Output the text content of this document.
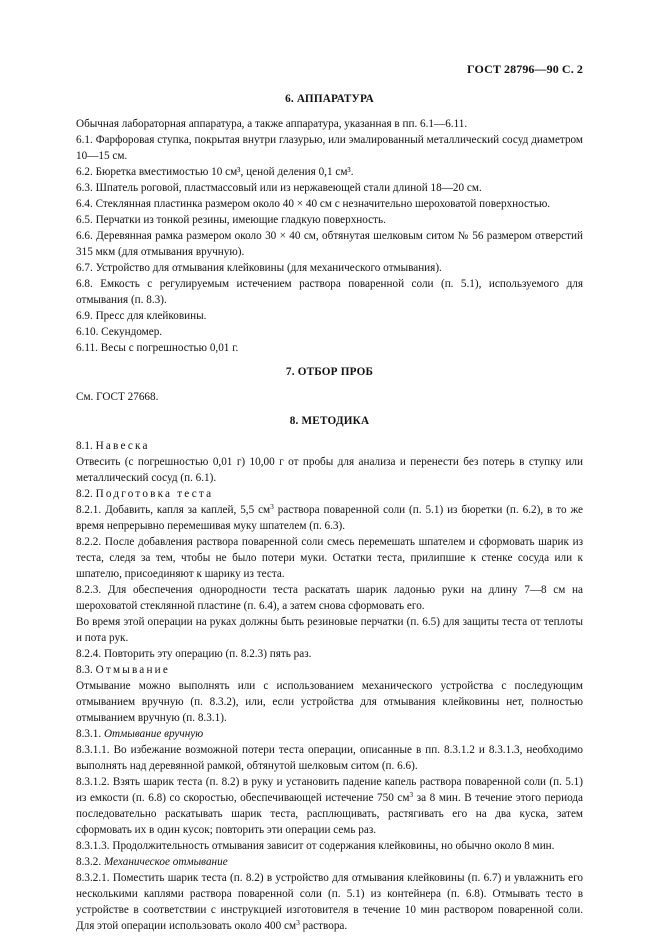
ГОСТ 28796—90 С. 2
6. АППАРАТУРА

Обычная лабораторная аппаратура, а также аппаратура, указанная в пп. 6.1—6.11.

6.1. Фарфоровая ступка, покрытая внутри глазурью, или эмалированный металлический сосуд диаметром 10—15 см.

6.2. Бюретка вместимостью 10 см³, ценой деления 0,1 см³.

6.3. Шпатель роговой, пластмассовый или из нержавеющей стали длиной 18—20 см.

6.4. Стеклянная пластинка размером около 40 × 40 см с незначительно шероховатой поверхностью.

6.5. Перчатки из тонкой резины, имеющие гладкую поверхность.

6.6. Деревянная рамка размером около 30 × 40 см, обтянутая шелковым ситом № 56 размером отверстий 315 мкм (для отмывания вручную).

6.7. Устройство для отмывания клейковины (для механического отмывания).

6.8. Емкость с регулируемым истечением раствора поваренной соли (п. 5.1), используемого для отмывания (п. 8.3).

6.9. Пресс для клейковины.

6.10. Секундомер.

6.11. Весы с погрешностью 0,01 г.

7. ОТБОР ПРОБ

См. ГОСТ 27668.

8. МЕТОДИКА

8.1. Навеска

Отвесить (с погрешностью 0,01 г) 10,00 г от пробы для анализа и перенести без потерь в ступку или металлический сосуд (п. 6.1).

8.2. Подготовка теста

8.2.1. Добавить, капля за каплей, 5,5 $см^3$ раствора поваренной соли (п. 5.1) из бюретки (п. 6.2), в то же время непрерывно перемешивая муку шпателем (п. 6.3).

8.2.2. После добавления раствора поваренной соли смесь перемешать шпателем и сформовать шарик из теста, следя за тем, чтобы не было потери муки. Остатки теста, прилипшие к стенке сосуда или к шпателю, присоединяют к шарику из теста.

8.2.3. Для обеспечения однородности теста раскатать шарик ладонью руки на длину 7—8 см на шероховатой стеклянной пластине (п. 6.4), а затем снова сформовать его.

Во время этой операции на руках должны быть резиновые перчатки (п. 6.5) для защиты теста от теплоты и пота рук.

8.2.4. Повторить эту операцию (п. 8.2.3) пять раз.

8.3. Отмывание

Отмывание можно выполнять или с использованием механического устройства с последующим отмыванием вручную (п. 8.3.2), или, если устройства для отмывания клейковины нет, полностью отмыванием вручную (п. 8.3.1).

8.3.1. Отмывание вручную

8.3.1.1. Во избежание возможной потери теста операции, описанные в пп. 8.3.1.2 и 8.3.1.3, необходимо выполнять над деревянной рамкой, обтянутой шелковым ситом (п. 6.6).

8.3.1.2. Взять шарик теста (п. 8.2) в руку и установить падение капель раствора поваренной соли (п. 5.1) из емкости (п. 6.8) со скоростью, обеспечивающей истечение 750 $см^3$ за 8 мин. В течение этого периода последовательно раскатывать шарик теста, расплющивать, растягивать его на два куска, затем сформовать их в один кусок; повторить эти операции семь раз.

8.3.1.3. Продолжительность отмывания зависит от содержания клейковины, но обычно около 8 мин.

8.3.2. Механическое отмывание

8.3.2.1. Поместить шарик теста (п. 8.2) в устройство для отмывания клейковины (п. 6.7) и увлажнить его несколькими каплями раствора поваренной соли (п. 5.1) из контейнера (п. 6.8). Отмывать тесто в устройстве в соответствии с инструкцией изготовителя в течение 10 мин раствором поваренной соли. Для этой операции использовать около 400 $см^3$ раствора.
